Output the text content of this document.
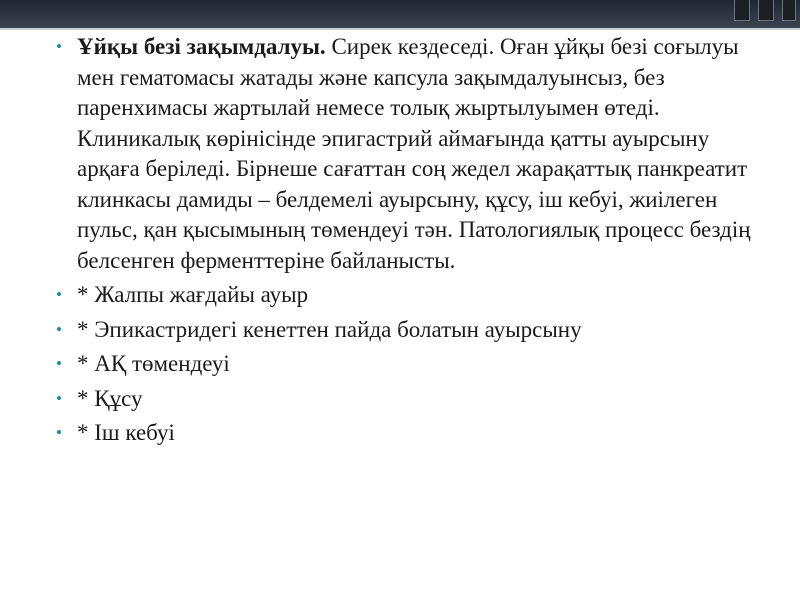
• Ұйқы безі зақымдалуы. Сирек кездеседі. Оған ұйқы безі соғылуы мен гематомасы жатады және капсула зақымдалуынсыз, без паренхимасы жартылай немесе толық жыртылуымен өтеді. Клиникалық көрінісінде эпигастрий аймағында қатты ауырсыну арқаға беріледі. Бірнеше сағаттан соң жедел жарақаттық панкреатит клинкасы дамиды – белдемелі ауырсыну, құсу, іш кебуі, жиілеген пульс, қан қысымының төмендеуі тән. Патологиялық процесс бездің белсенген ферменттеріне байланысты.
• * Жалпы жағдайы ауыр
• * Эпикастридегі кенеттен пайда болатын ауырсыну
• * АҚ төмендеуі
• * Құсу
• * Іш кебуі
